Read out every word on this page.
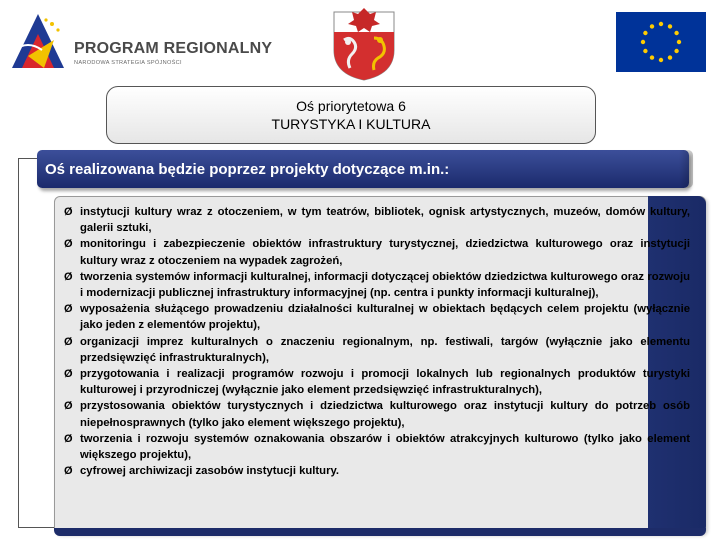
PROGRAM REGIONALNY
NARODOWA STRATEGIA SPÓJNOŚCI
Oś priorytetowa 6
TURYSTYKA I KULTURA
Oś realizowana będzie poprzez projekty dotyczące m.in.:
Ø instytucji kultury wraz z otoczeniem, w tym teatrów, bibliotek, ognisk artystycznych, muzeów, domów kultury, galerii sztuki,
Ø monitoringu i zabezpieczenie obiektów infrastruktury turystycznej, dziedzictwa kulturowego oraz instytucji kultury wraz z otoczeniem na wypadek zagrożeń,
Ø tworzenia systemów informacji kulturalnej, informacji dotyczącej obiektów dziedzictwa kulturowego oraz rozwoju i modernizacji publicznej infrastruktury informacyjnej (np. centra i punkty informacji kulturalnej),
Ø wyposażenia służącego prowadzeniu działalności kulturalnej w obiektach będących celem projektu (wyłącznie jako jeden z elementów projektu),
Ø organizacji imprez kulturalnych o znaczeniu regionalnym, np. festiwali, targów (wyłącznie jako elementu przedsięwzięć infrastrukturalnych),
Ø przygotowania i realizacji programów rozwoju i promocji lokalnych lub regionalnych produktów turystyki kulturowej i przyrodniczej (wyłącznie jako element przedsięwzięć infrastrukturalnych),
Ø przystosowania obiektów turystycznych i dziedzictwa kulturowego oraz instytucji kultury do potrzeb osób niepełnosprawnych (tylko jako element większego projektu),
Ø tworzenia i rozwoju systemów oznakowania obszarów i obiektów atrakcyjnych kulturowo (tylko jako element większego projektu),
Ø cyfrowej archiwizacji zasobów instytucji kultury.
